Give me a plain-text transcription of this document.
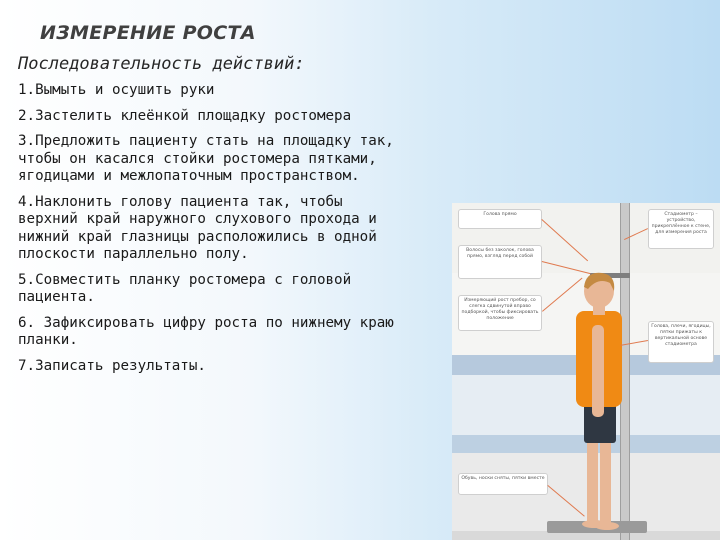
ИЗМЕРЕНИЕ РОСТА
Последовательность действий:
1.Вымыть и осушить руки
2.Застелить клеёнкой площадку ростомера
3.Предложить пациенту стать на площадку так, чтобы он касался стойки ростомера пятками, ягодицами и межлопаточным пространством.
4.Наклонить голову пациента так, чтобы верхний край наружного слухового прохода и нижний край глазницы расположились в одной плоскости параллельно полу.
5.Совместить планку ростомера с головой пациента.
6. Зафиксировать цифру роста по нижнему краю планки.
7.Записать результаты.
Голова прямо
Волосы без заколок, голова прямо, взгляд перед собой
Измеряющий рост пребор, со слегка сдвинутой вправо подборкой, чтобы фиксировать положение
Стадиометр – устройство, прикреплённое к стене, для измерения роста
Голова, плечи, ягодицы, пятки прижаты к вертикальной основе стадиометра
Обувь, носки сняты, пятки вместе
